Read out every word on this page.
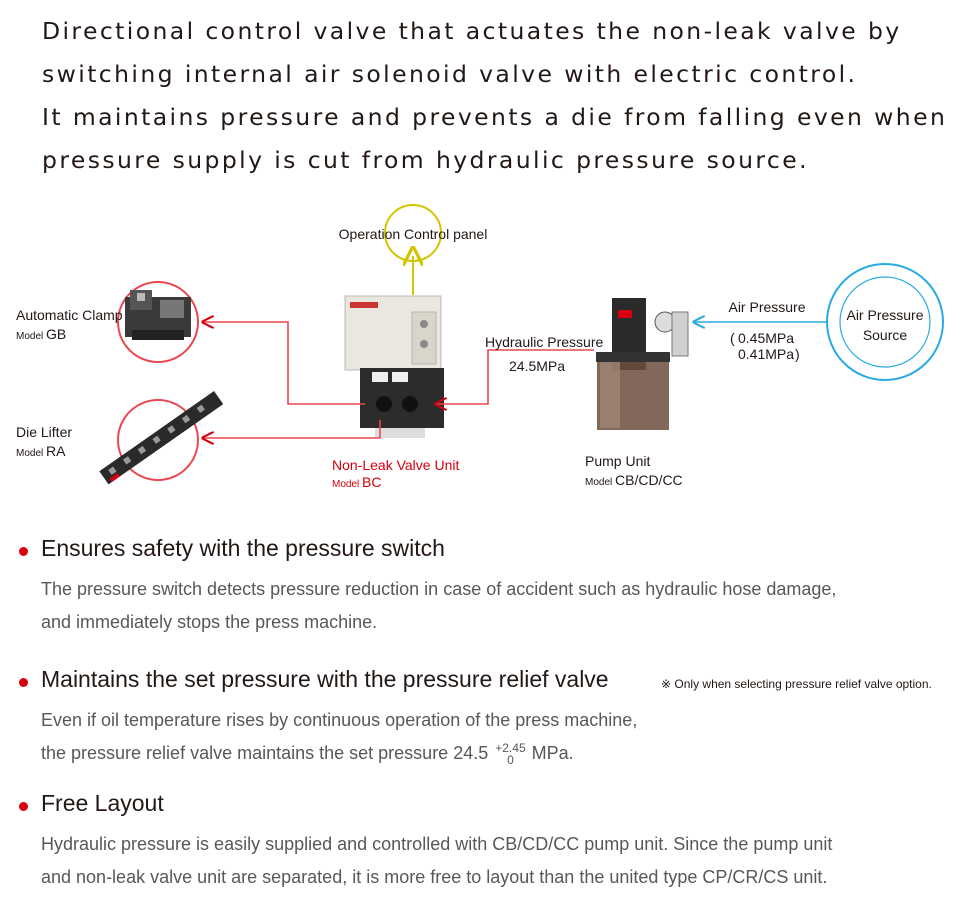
Directional control valve that actuates the non-leak valve by
switching internal air solenoid valve with electric control.
It maintains pressure and prevents a die from falling even when
pressure supply is cut from hydraulic pressure source.
Operation Control panel
Automatic Clamp
Model GB
Die Lifter
Model RA
Non-Leak Valve Unit
Model BC
Hydraulic Pressure
24.5MPa
Pump Unit
Model CB/CD/CC
Air Pressure
( 0.45MPa
0.41MPa )
Air Pressure
Source
Ensures safety with the pressure switch

The pressure switch detects pressure reduction in case of accident such as hydraulic hose damage,

and immediately stops the press machine.

Maintains the set pressure with the pressure relief valve	※ Only when selecting pressure relief valve option.

Even if oil temperature rises by continuous operation of the press machine,

the pressure relief valve maintains the set pressure 24.5 +2.45
0 MPa.

Free Layout

Hydraulic pressure is easily supplied and controlled with CB/CD/CC pump unit. Since the pump unit

and non-leak valve unit are separated, it is more free to layout than the united type CP/CR/CS unit.
